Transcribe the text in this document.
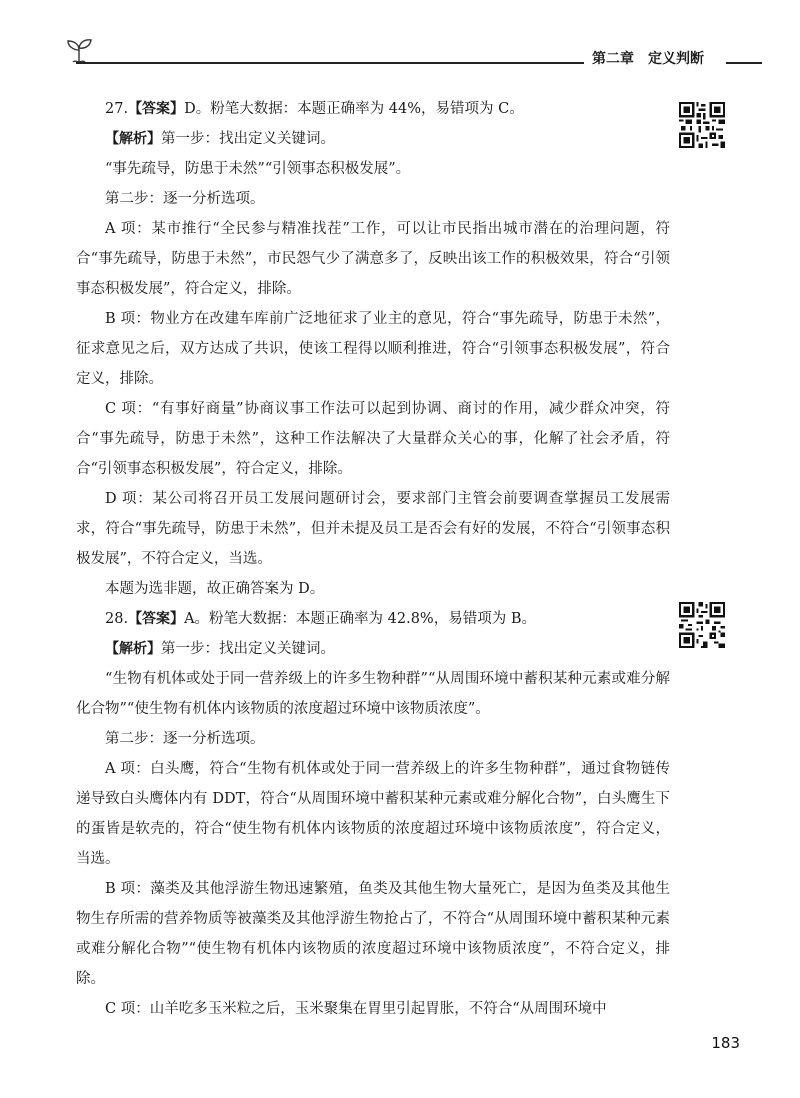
第二章 定义判断

27.【答案】D。粉笔大数据：本题正确率为 44%，易错项为 C。

【解析】第一步：找出定义关键词。

“事先疏导，防患于未然”“引领事态积极发展”。

第二步：逐一分析选项。

A 项：某市推行“全民参与精准找茬”工作，可以让市民指出城市潜在的治理问题，符合“事先疏导，防患于未然”，市民怨气少了满意多了，反映出该工作的积极效果，符合“引领事态积极发展”，符合定义，排除。

B 项：物业方在改建车库前广泛地征求了业主的意见，符合“事先疏导，防患于未然”，征求意见之后，双方达成了共识，使该工程得以顺利推进，符合“引领事态积极发展”，符合定义，排除。

C 项：“有事好商量”协商议事工作法可以起到协调、商讨的作用，减少群众冲突，符合“事先疏导，防患于未然”，这种工作法解决了大量群众关心的事，化解了社会矛盾，符合“引领事态积极发展”，符合定义，排除。

D 项：某公司将召开员工发展问题研讨会，要求部门主管会前要调查掌握员工发展需求，符合“事先疏导，防患于未然”，但并未提及员工是否会有好的发展，不符合“引领事态积极发展”，不符合定义，当选。

本题为选非题，故正确答案为 D。

28.【答案】A。粉笔大数据：本题正确率为 42.8%，易错项为 B。

【解析】第一步：找出定义关键词。

“生物有机体或处于同一营养级上的许多生物种群”“从周围环境中蓄积某种元素或难分解化合物”“使生物有机体内该物质的浓度超过环境中该物质浓度”。

第二步：逐一分析选项。

A 项：白头鹰，符合“生物有机体或处于同一营养级上的许多生物种群”，通过食物链传递导致白头鹰体内有 DDT，符合“从周围环境中蓄积某种元素或难分解化合物”，白头鹰生下的蛋皆是软壳的，符合“使生物有机体内该物质的浓度超过环境中该物质浓度”，符合定义，当选。

B 项：藻类及其他浮游生物迅速繁殖，鱼类及其他生物大量死亡，是因为鱼类及其他生物生存所需的营养物质等被藻类及其他浮游生物抢占了，不符合“从周围环境中蓄积某种元素或难分解化合物”“使生物有机体内该物质的浓度超过环境中该物质浓度”，不符合定义，排除。

C 项：山羊吃多玉米粒之后，玉米聚集在胃里引起胃胀，不符合“从周围环境中

183
